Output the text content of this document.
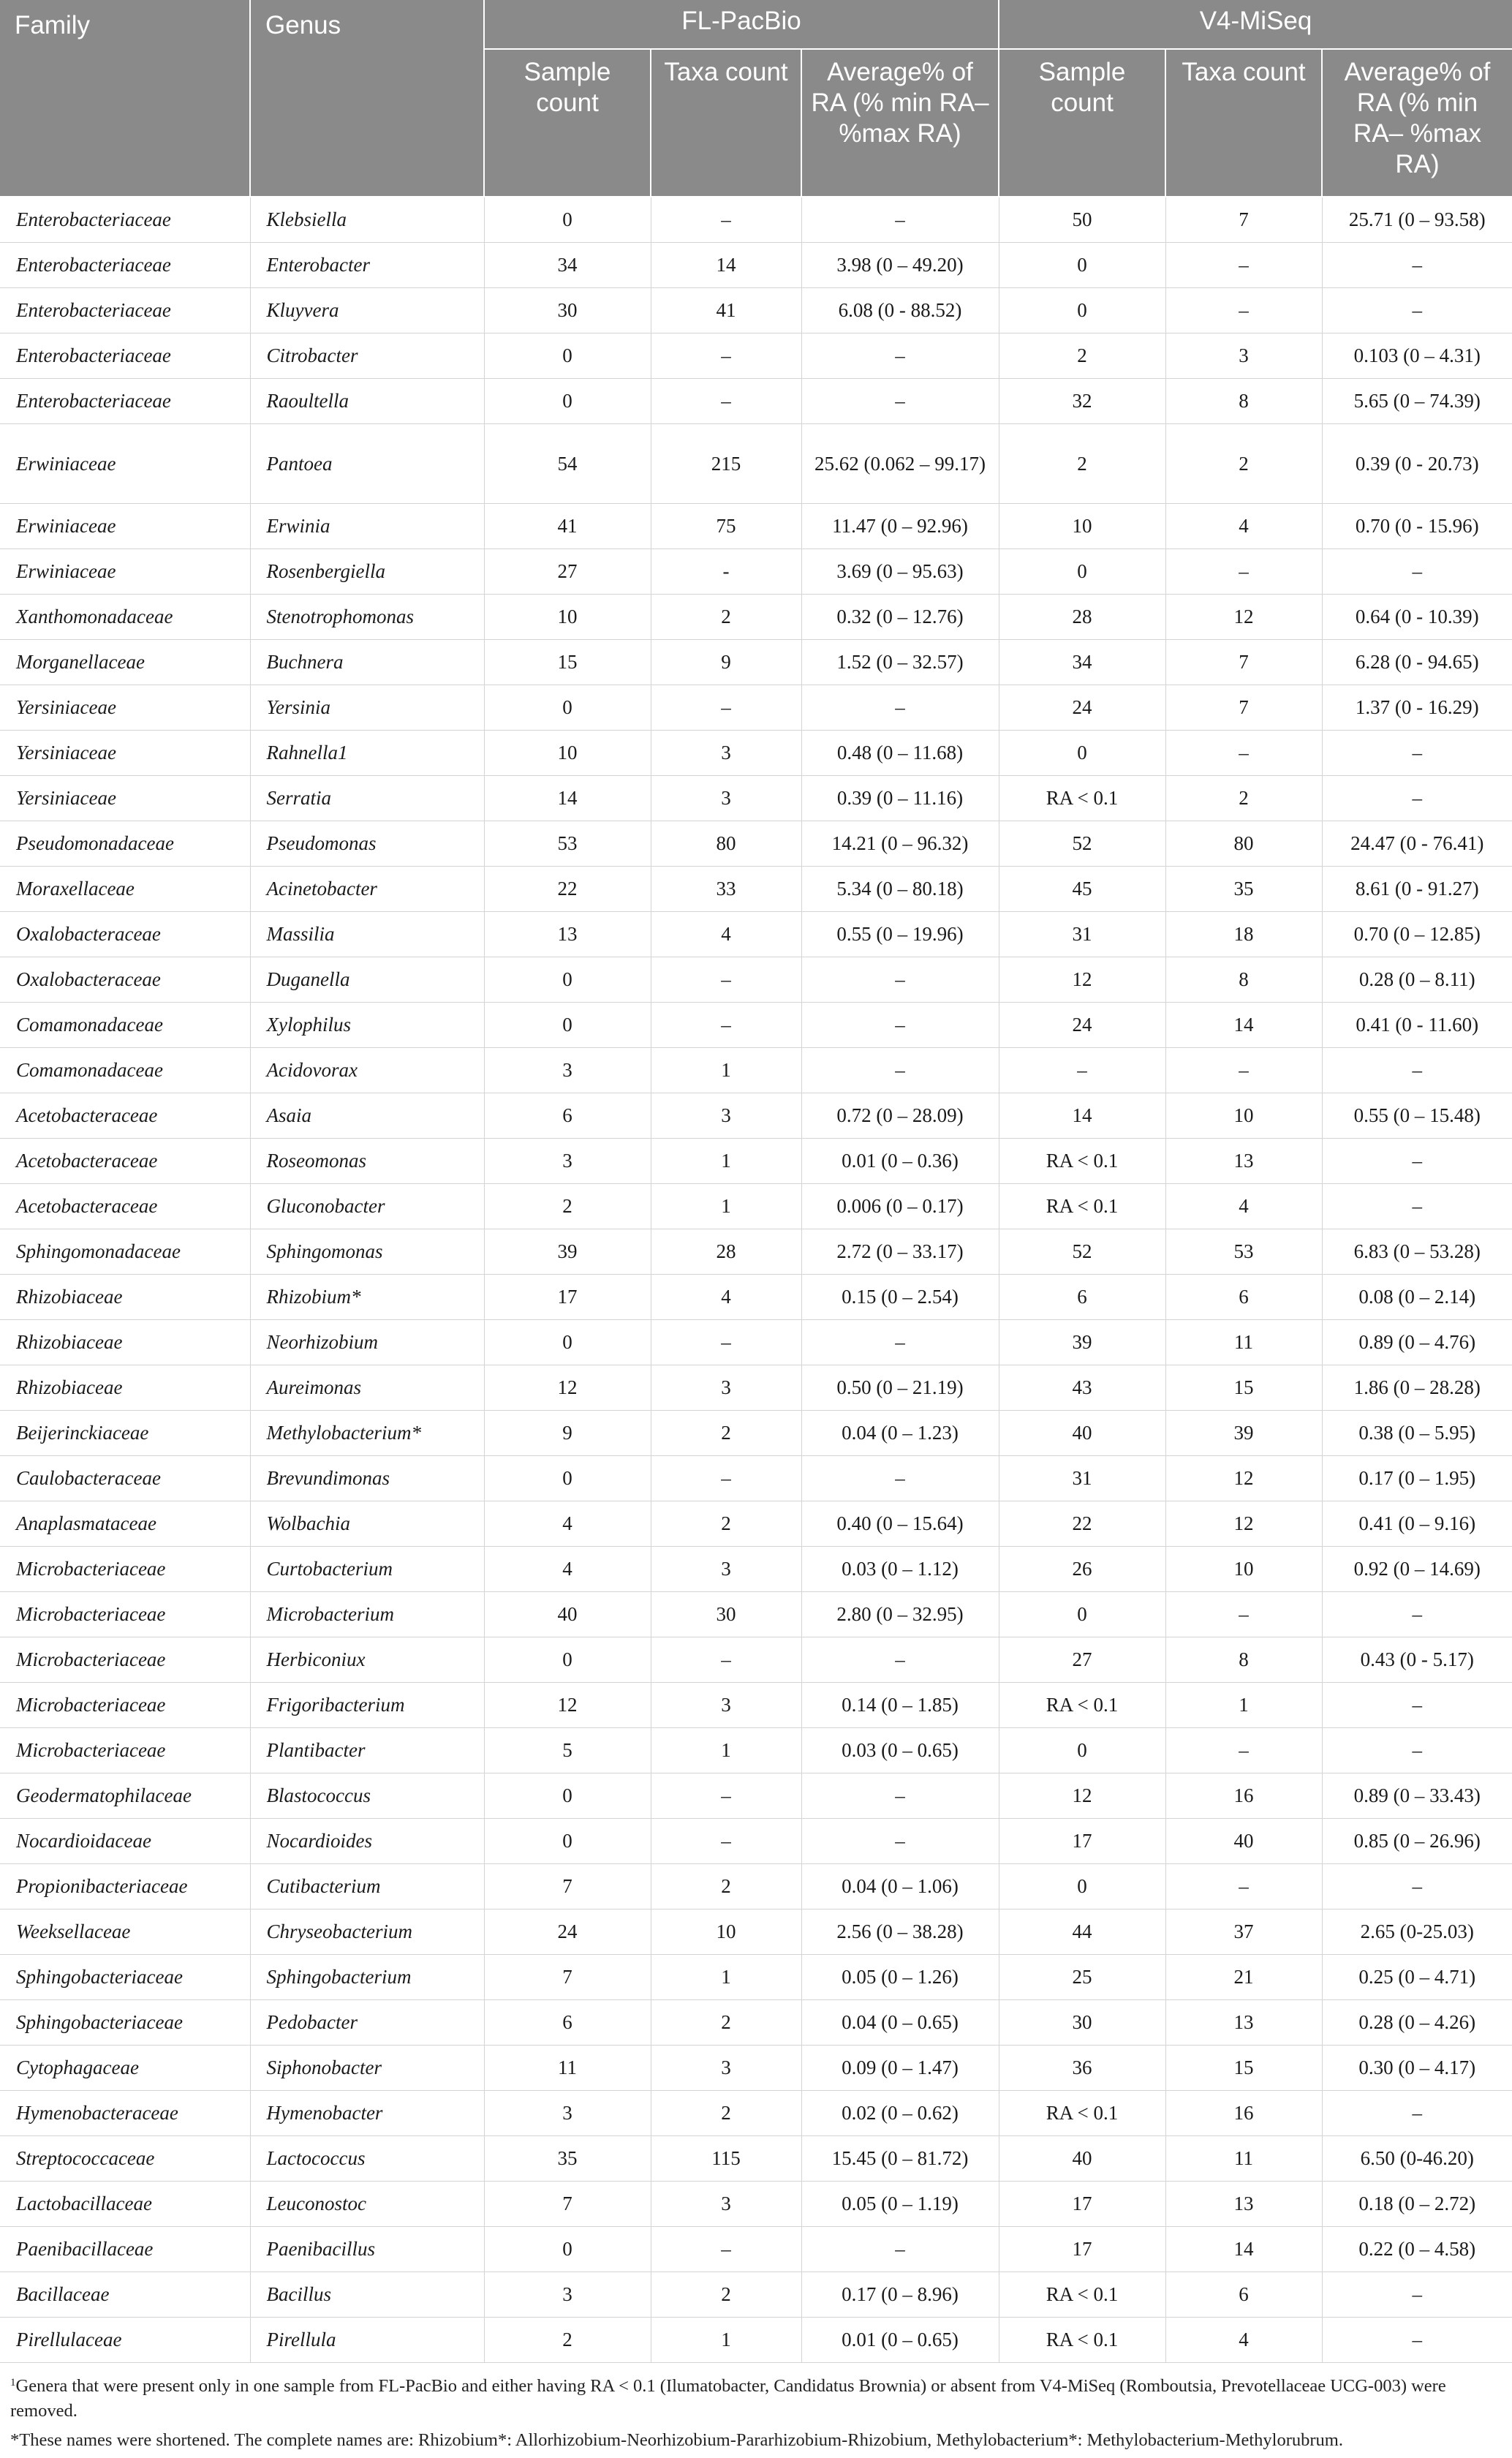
Family	Genus	FL-PacBio			V4-MiSeq		
		Sample count	Taxa count	Average% of RA (% min RA– %max RA)	Sample count	Taxa count	Average% of RA (% min RA– %max RA)
Enterobacteriaceae	Klebsiella	0	–	–	50	7	25.71 (0 – 93.58)
Enterobacteriaceae	Enterobacter	34	14	3.98 (0 – 49.20)	0	–	–
Enterobacteriaceae	Kluyvera	30	41	6.08 (0 - 88.52)	0	–	–
Enterobacteriaceae	Citrobacter	0	–	–	2	3	0.103 (0 – 4.31)
Enterobacteriaceae	Raoultella	0	–	–	32	8	5.65 (0 – 74.39)
Erwiniaceae	Pantoea	54	215	25.62 (0.062 – 99.17)	2	2	0.39 (0 - 20.73)
Erwiniaceae	Erwinia	41	75	11.47 (0 – 92.96)	10	4	0.70 (0 - 15.96)
Erwiniaceae	Rosenbergiella	27	-	3.69 (0 – 95.63)	0	–	–
Xanthomonadaceae	Stenotrophomonas	10	2	0.32 (0 – 12.76)	28	12	0.64 (0 - 10.39)
Morganellaceae	Buchnera	15	9	1.52 (0 – 32.57)	34	7	6.28 (0 - 94.65)
Yersiniaceae	Yersinia	0	–	–	24	7	1.37 (0 - 16.29)
Yersiniaceae	Rahnella1	10	3	0.48 (0 – 11.68)	0	–	–
Yersiniaceae	Serratia	14	3	0.39 (0 – 11.16)	RA < 0.1	2	–
Pseudomonadaceae	Pseudomonas	53	80	14.21 (0 – 96.32)	52	80	24.47 (0 - 76.41)
Moraxellaceae	Acinetobacter	22	33	5.34 (0 – 80.18)	45	35	8.61 (0 - 91.27)
Oxalobacteraceae	Massilia	13	4	0.55 (0 – 19.96)	31	18	0.70 (0 – 12.85)
Oxalobacteraceae	Duganella	0	–	–	12	8	0.28 (0 – 8.11)
Comamonadaceae	Xylophilus	0	–	–	24	14	0.41 (0 - 11.60)
Comamonadaceae	Acidovorax	3	1	–	–	–	–
Acetobacteraceae	Asaia	6	3	0.72 (0 – 28.09)	14	10	0.55 (0 – 15.48)
Acetobacteraceae	Roseomonas	3	1	0.01 (0 – 0.36)	RA < 0.1	13	–
Acetobacteraceae	Gluconobacter	2	1	0.006 (0 – 0.17)	RA < 0.1	4	–
Sphingomonadaceae	Sphingomonas	39	28	2.72 (0 – 33.17)	52	53	6.83 (0 – 53.28)
Rhizobiaceae	Rhizobium*	17	4	0.15 (0 – 2.54)	6	6	0.08 (0 – 2.14)
Rhizobiaceae	Neorhizobium	0	–	–	39	11	0.89 (0 – 4.76)
Rhizobiaceae	Aureimonas	12	3	0.50 (0 – 21.19)	43	15	1.86 (0 – 28.28)
Beijerinckiaceae	Methylobacterium*	9	2	0.04 (0 – 1.23)	40	39	0.38 (0 – 5.95)
Caulobacteraceae	Brevundimonas	0	–	–	31	12	0.17 (0 – 1.95)
Anaplasmataceae	Wolbachia	4	2	0.40 (0 – 15.64)	22	12	0.41 (0 – 9.16)
Microbacteriaceae	Curtobacterium	4	3	0.03 (0 – 1.12)	26	10	0.92 (0 – 14.69)
Microbacteriaceae	Microbacterium	40	30	2.80 (0 – 32.95)	0	–	–
Microbacteriaceae	Herbiconiux	0	–	–	27	8	0.43 (0 - 5.17)
Microbacteriaceae	Frigoribacterium	12	3	0.14 (0 – 1.85)	RA < 0.1	1	–
Microbacteriaceae	Plantibacter	5	1	0.03 (0 – 0.65)	0	–	–
Geodermatophilaceae	Blastococcus	0	–	–	12	16	0.89 (0 – 33.43)
Nocardioidaceae	Nocardioides	0	–	–	17	40	0.85 (0 – 26.96)
Propionibacteriaceae	Cutibacterium	7	2	0.04 (0 – 1.06)	0	–	–
Weeksellaceae	Chryseobacterium	24	10	2.56 (0 – 38.28)	44	37	2.65 (0-25.03)
Sphingobacteriaceae	Sphingobacterium	7	1	0.05 (0 – 1.26)	25	21	0.25 (0 – 4.71)
Sphingobacteriaceae	Pedobacter	6	2	0.04 (0 – 0.65)	30	13	0.28 (0 – 4.26)
Cytophagaceae	Siphonobacter	11	3	0.09 (0 – 1.47)	36	15	0.30 (0 – 4.17)
Hymenobacteraceae	Hymenobacter	3	2	0.02 (0 – 0.62)	RA < 0.1	16	–
Streptococcaceae	Lactococcus	35	115	15.45 (0 – 81.72)	40	11	6.50 (0-46.20)
Lactobacillaceae	Leuconostoc	7	3	0.05 (0 – 1.19)	17	13	0.18 (0 – 2.72)
Paenibacillaceae	Paenibacillus	0	–	–	17	14	0.22 (0 – 4.58)
Bacillaceae	Bacillus	3	2	0.17 (0 – 8.96)	RA < 0.1	6	–
Pirellulaceae	Pirellula	2	1	0.01 (0 – 0.65)	RA < 0.1	4	–

$^1$Genera that were present only in one sample from FL-PacBio and either having RA < 0.1 (Ilumatobacter, Candidatus Brownia) or absent from V4-MiSeq (Romboutsia, Prevotellaceae UCG-003) were removed.

*These names were shortened. The complete names are: Rhizobium*: Allorhizobium-Neorhizobium-Pararhizobium-Rhizobium, Methylobacterium*: Methylobacterium-Methylorubrum.
